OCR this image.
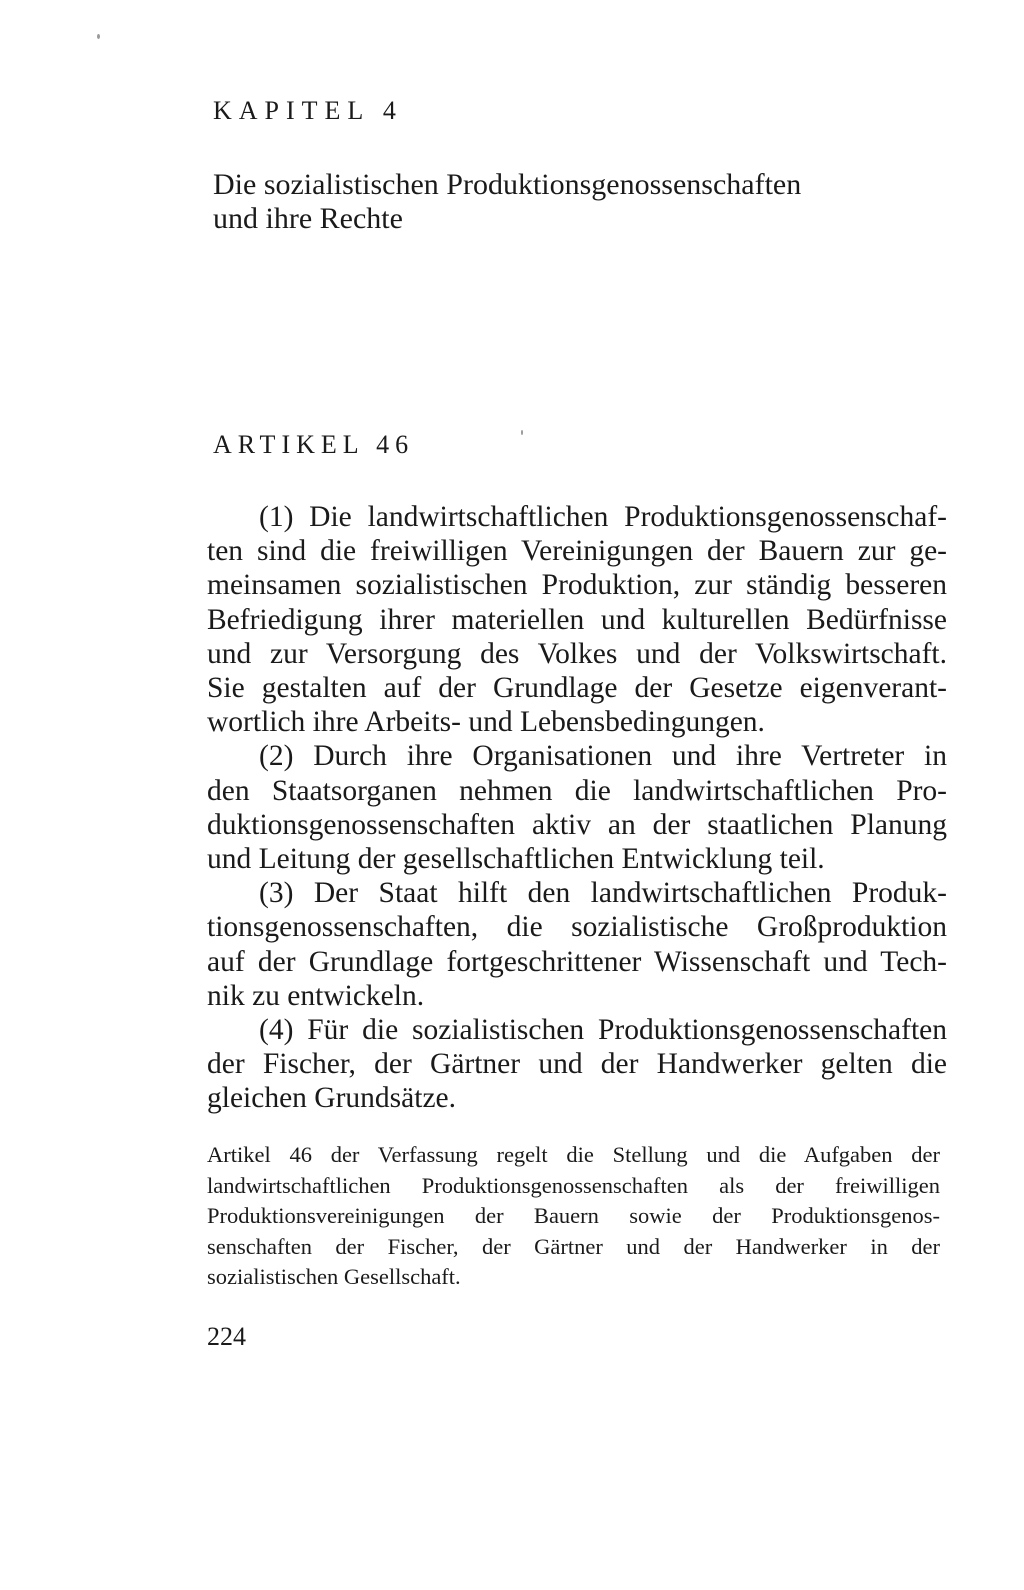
KAPITEL 4
Die sozialistischen Produktionsgenossenschaften
und ihre Rechte
ARTIKEL 46

(1) Die landwirtschaftlichen Produktionsgenossenschaf-
ten sind die freiwilligen Vereinigungen der Bauern zur ge-
meinsamen sozialistischen Produktion, zur ständig besseren
Befriedigung ihrer materiellen und kulturellen Bedürfnisse
und zur Versorgung des Volkes und der Volkswirtschaft.
Sie gestalten auf der Grundlage der Gesetze eigenverant-
wortlich ihre Arbeits- und Lebensbedingungen.

(2) Durch ihre Organisationen und ihre Vertreter in
den Staatsorganen nehmen die landwirtschaftlichen Pro-
duktionsgenossenschaften aktiv an der staatlichen Planung
und Leitung der gesellschaftlichen Entwicklung teil.

(3) Der Staat hilft den landwirtschaftlichen Produk-
tionsgenossenschaften, die sozialistische Großproduktion
auf der Grundlage fortgeschrittener Wissenschaft und Tech-
nik zu entwickeln.

(4) Für die sozialistischen Produktionsgenossenschaften
der Fischer, der Gärtner und der Handwerker gelten die
gleichen Grundsätze.

Artikel 46 der Verfassung regelt die Stellung und die Aufgaben der
landwirtschaftlichen Produktionsgenossenschaften als der freiwilligen
Produktionsvereinigungen der Bauern sowie der Produktionsgenos-
senschaften der Fischer, der Gärtner und der Handwerker in der
sozialistischen Gesellschaft.
224
